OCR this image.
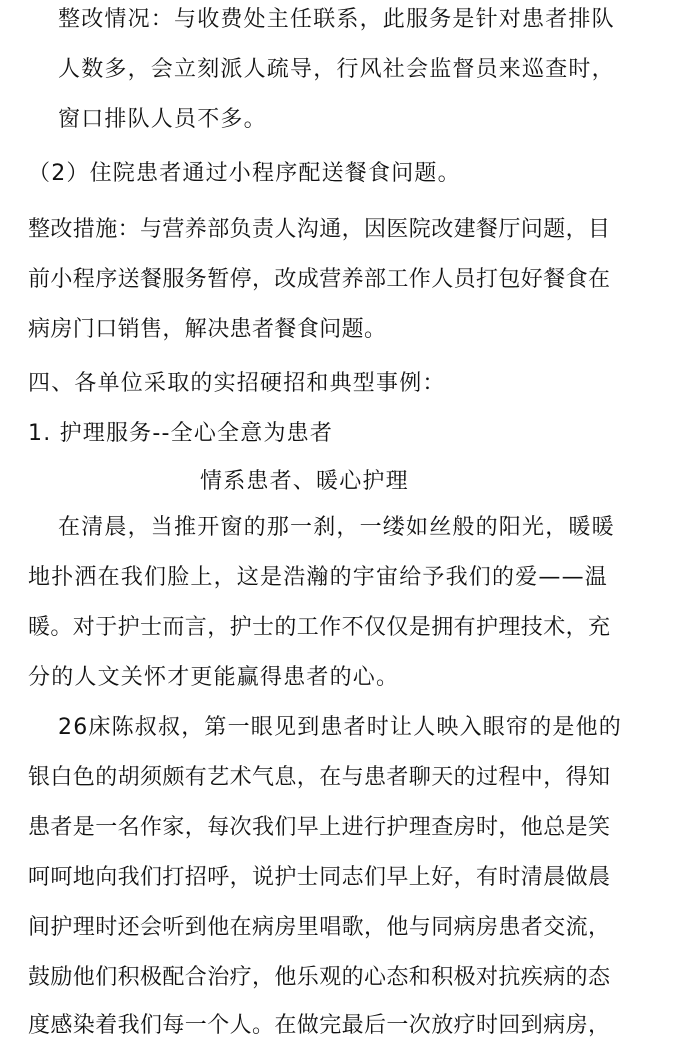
整改情况：与收费处主任联系，此服务是针对患者排队
人数多，会立刻派人疏导，行风社会监督员来巡查时，
窗口排队人员不多。
（2）住院患者通过小程序配送餐食问题。
整改措施：与营养部负责人沟通，因医院改建餐厅问题，目
前小程序送餐服务暂停，改成营养部工作人员打包好餐食在
病房门口销售，解决患者餐食问题。
四、各单位采取的实招硬招和典型事例：
1. 护理服务--全心全意为患者
情系患者、暖心护理
在清晨，当推开窗的那一刹，一缕如丝般的阳光，暖暖
地扑洒在我们脸上，这是浩瀚的宇宙给予我们的爱——温
暖。对于护士而言，护士的工作不仅仅是拥有护理技术，充
分的人文关怀才更能赢得患者的心。
26床陈叔叔，第一眼见到患者时让人映入眼帘的是他的
银白色的胡须颇有艺术气息，在与患者聊天的过程中，得知
患者是一名作家，每次我们早上进行护理查房时，他总是笑
呵呵地向我们打招呼，说护士同志们早上好，有时清晨做晨
间护理时还会听到他在病房里唱歌，他与同病房患者交流，
鼓励他们积极配合治疗，他乐观的心态和积极对抗疾病的态
度感染着我们每一个人。在做完最后一次放疗时回到病房，
